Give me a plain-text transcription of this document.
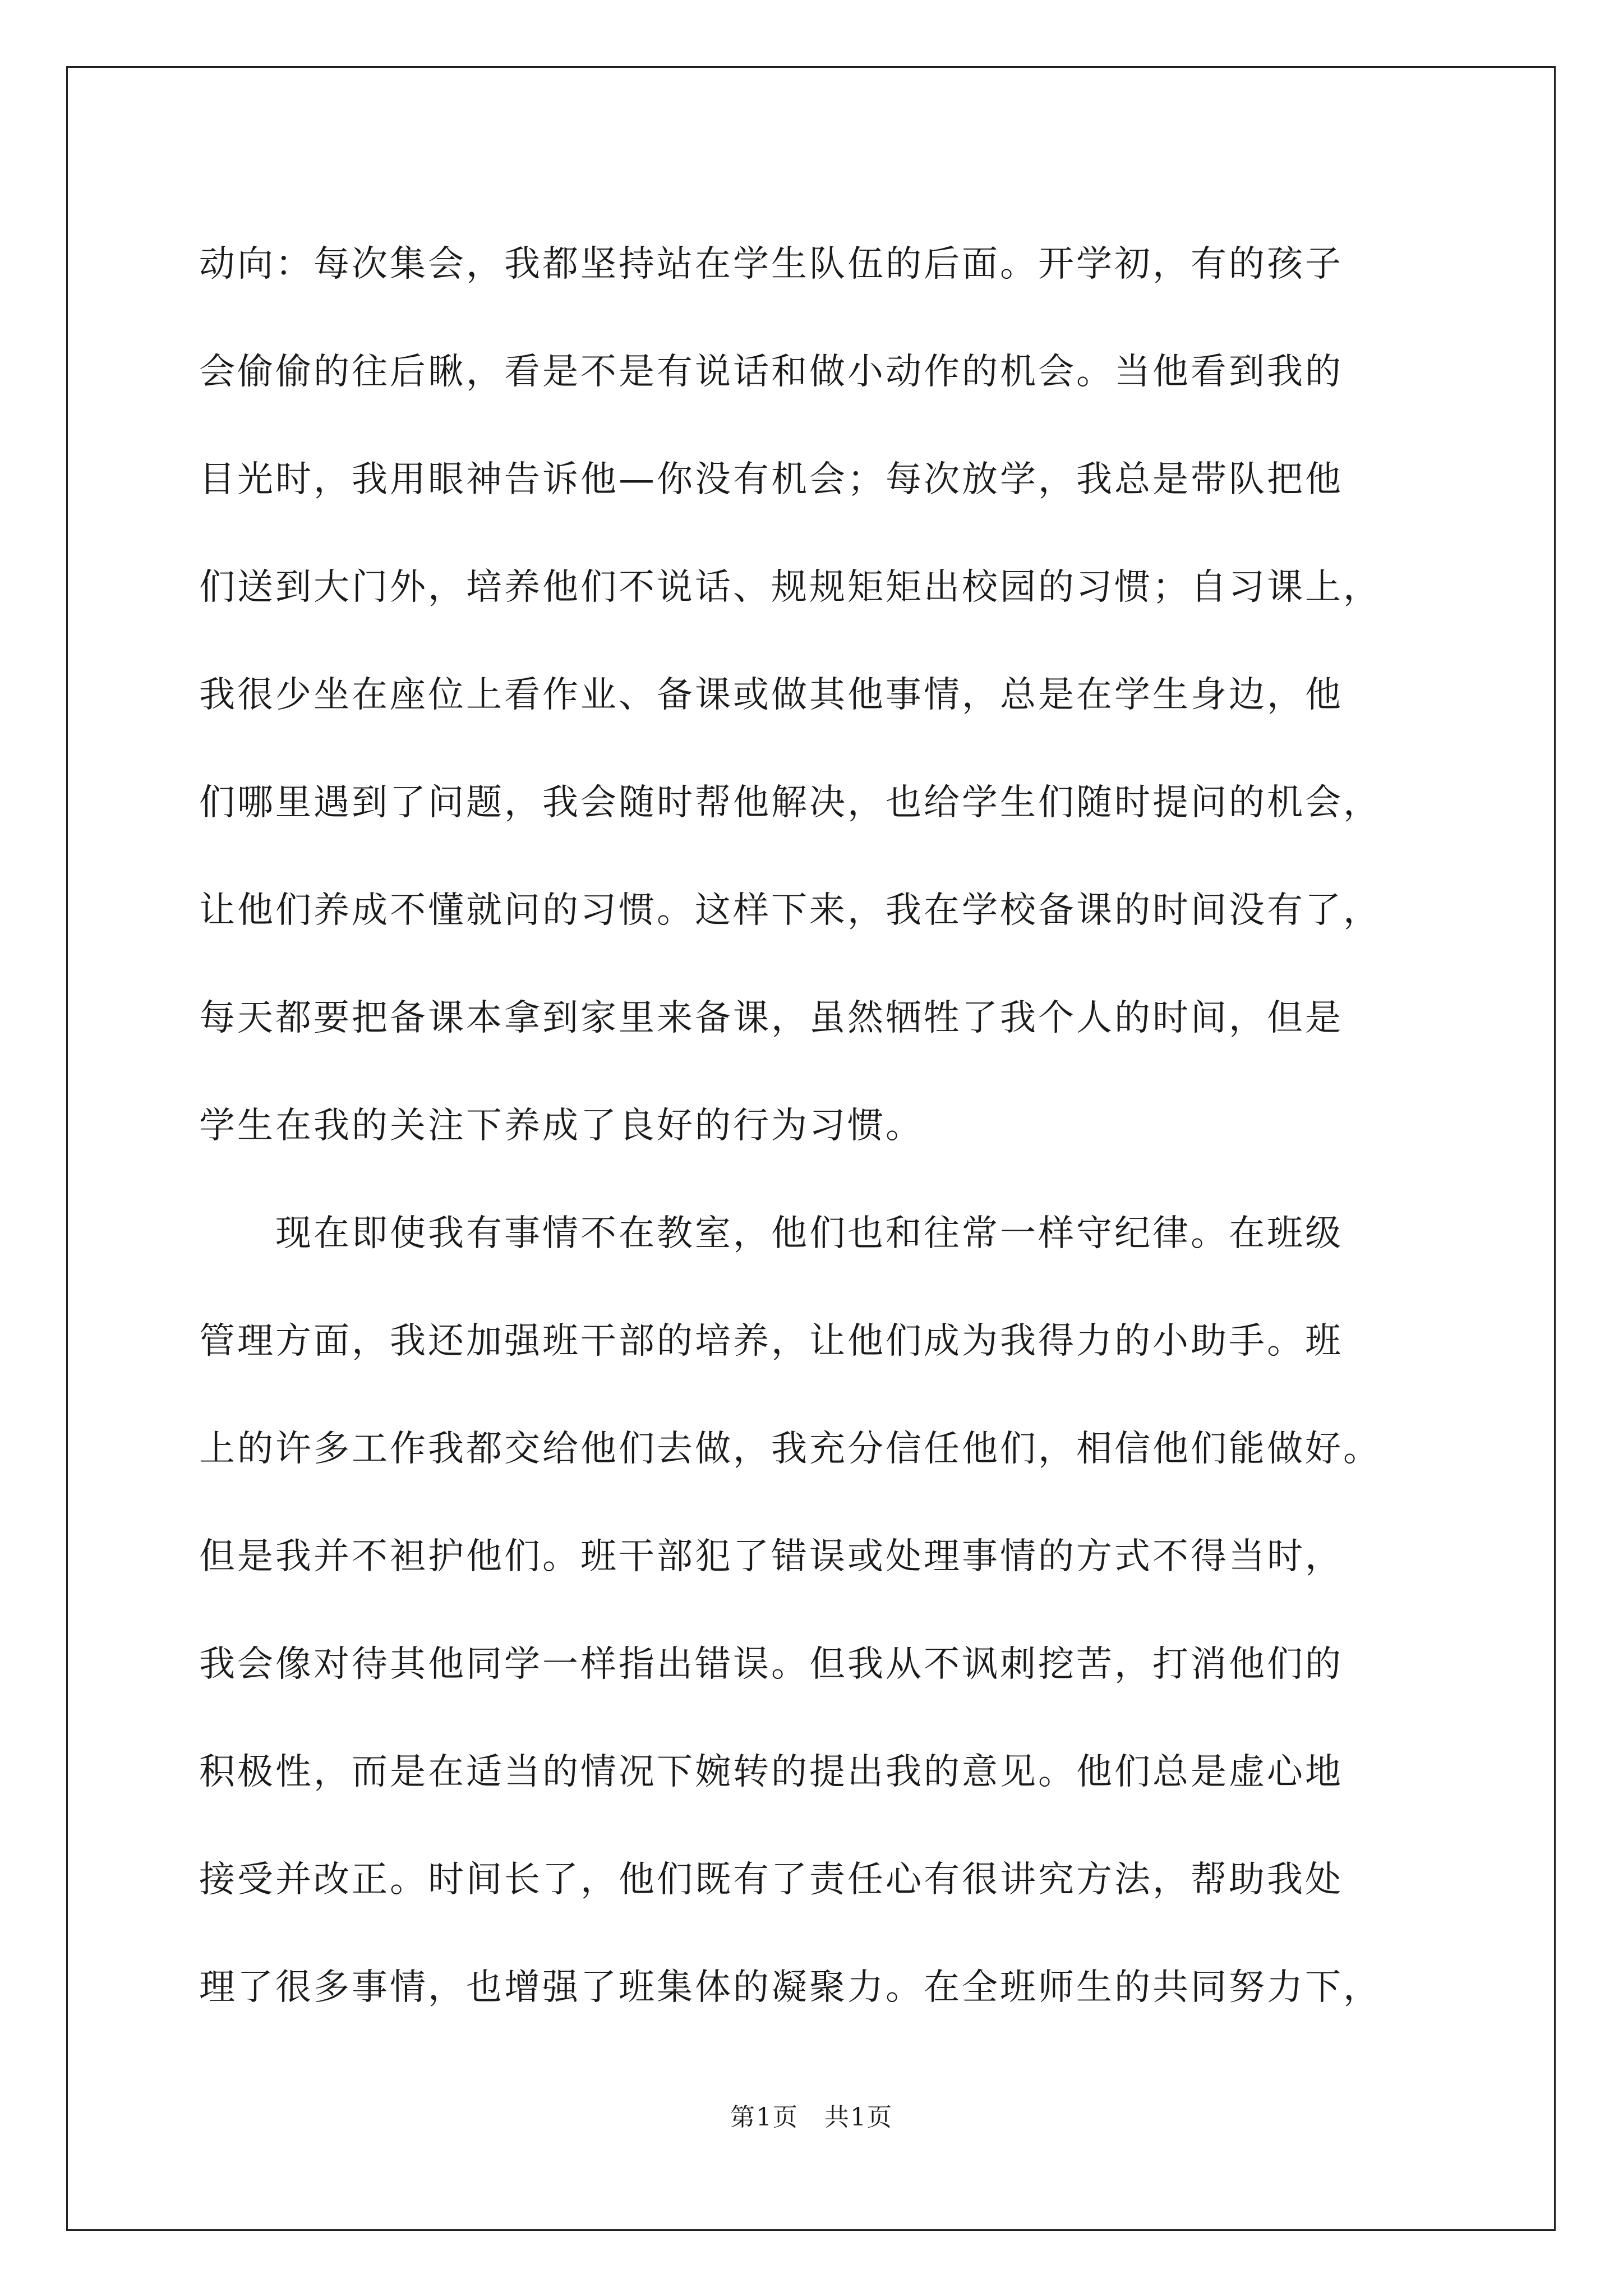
动向：每次集会，我都坚持站在学生队伍的后面。开学初，有的孩子
会偷偷的往后瞅，看是不是有说话和做小动作的机会。当他看到我的
目光时，我用眼神告诉他—你没有机会；每次放学，我总是带队把他
们送到大门外，培养他们不说话、规规矩矩出校园的习惯；自习课上，
我很少坐在座位上看作业、备课或做其他事情，总是在学生身边，他
们哪里遇到了问题，我会随时帮他解决，也给学生们随时提问的机会，
让他们养成不懂就问的习惯。这样下来，我在学校备课的时间没有了，
每天都要把备课本拿到家里来备课，虽然牺牲了我个人的时间，但是
学生在我的关注下养成了良好的行为习惯。
现在即使我有事情不在教室，他们也和往常一样守纪律。在班级
管理方面，我还加强班干部的培养，让他们成为我得力的小助手。班
上的许多工作我都交给他们去做，我充分信任他们，相信他们能做好。
但是我并不袒护他们。班干部犯了错误或处理事情的方式不得当时，
我会像对待其他同学一样指出错误。但我从不讽刺挖苦，打消他们的
积极性，而是在适当的情况下婉转的提出我的意见。他们总是虚心地
接受并改正。时间长了，他们既有了责任心有很讲究方法，帮助我处
理了很多事情，也增强了班集体的凝聚力。在全班师生的共同努力下，
第1页　共1页
